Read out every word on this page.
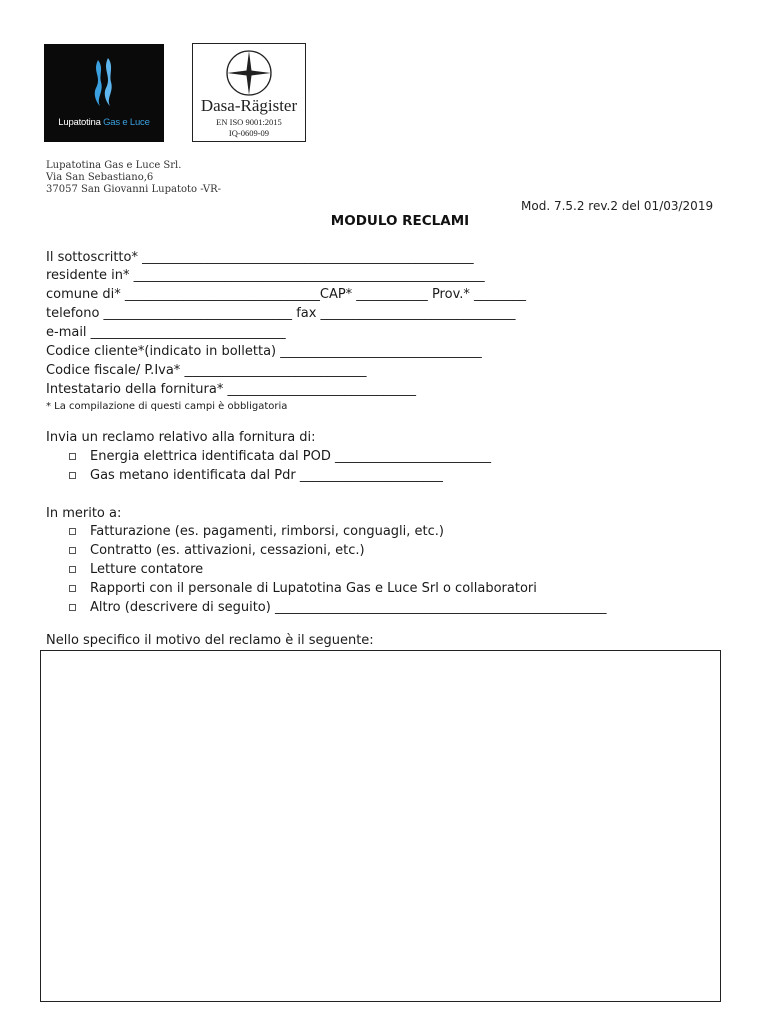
Lupatotina Gas e Luce
Dasa-Rägister
EN ISO 9001:2015
IQ-0609-09
Lupatotina Gas e Luce Srl.
Via San Sebastiano,6
37057 San Giovanni Lupatoto -VR-
Mod. 7.5.2 rev.2 del 01/03/2019
MODULO RECLAMI
Il sottoscritto* ___________________________________________________
residente in* ______________________________________________________
comune di* ______________________________CAP* ___________ Prov.* ________
telefono _____________________________ fax ______________________________
e-mail ______________________________
Codice cliente*(indicato in bolletta) _______________________________
Codice fiscale/ P.Iva* ____________________________
Intestatario della fornitura* _____________________________
* La compilazione di questi campi è obbligatoria
Invia un reclamo relativo alla fornitura di:
Energia elettrica identificata dal POD ________________________
Gas metano identificata dal Pdr ______________________
In merito a:
Fatturazione (es. pagamenti, rimborsi, conguagli, etc.)
Contratto (es. attivazioni, cessazioni, etc.)
Letture contatore
Rapporti con il personale di Lupatotina Gas e Luce Srl o collaboratori
Altro (descrivere di seguito) ___________________________________________________
Nello specifico il motivo del reclamo è il seguente:
